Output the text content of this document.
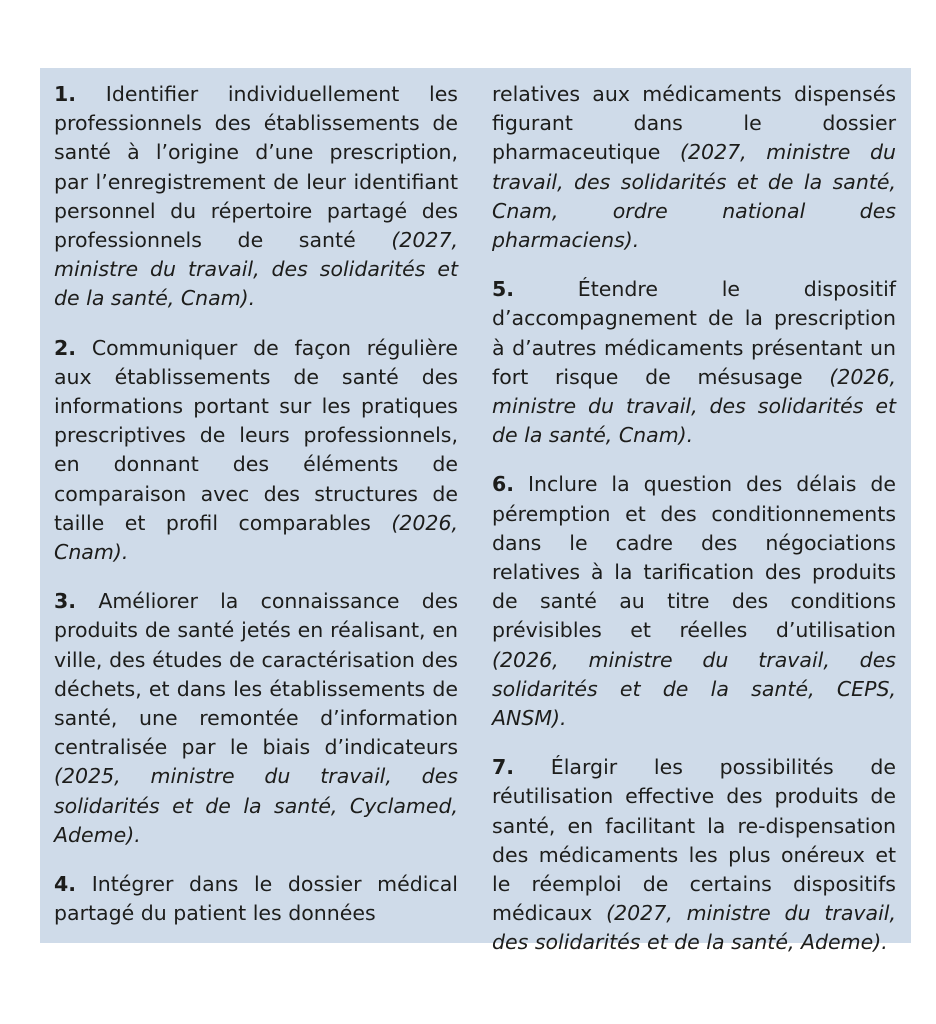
1. Identifier individuellement les professionnels des établissements de santé à l’origine d’une prescription, par l’enregistrement de leur identifiant personnel du répertoire partagé des professionnels de santé (2027, ministre du travail, des solidarités et de la santé, Cnam).

2. Communiquer de façon régulière aux établissements de santé des informations portant sur les pratiques prescriptives de leurs professionnels, en donnant des éléments de comparaison avec des structures de taille et profil comparables (2026, Cnam).

3. Améliorer la connaissance des produits de santé jetés en réalisant, en ville, des études de caractérisation des déchets, et dans les établissements de santé, une remontée d’information centralisée par le biais d’indicateurs (2025, ministre du travail, des solidarités et de la santé, Cyclamed, Ademe).

4. Intégrer dans le dossier médical partagé du patient les données

relatives aux médicaments dispensés figurant dans le dossier pharmaceutique (2027, ministre du travail, des solidarités et de la santé, Cnam, ordre national des pharmaciens).

5.	Étendre le dispositif d’accompagnement de la prescription à d’autres médicaments présentant un fort risque de mésusage (2026, ministre du travail, des solidarités et de la santé, Cnam).

6. Inclure la question des délais de péremption et des conditionnements dans le cadre des négociations relatives à la tarification des produits de santé au titre des conditions prévisibles et réelles d’utilisation (2026, ministre du travail, des solidarités et de la santé, CEPS, ANSM).

7. Élargir les possibilités de réutilisation effective des produits de santé, en facilitant la re-dispensation des médicaments les plus onéreux et le réemploi de certains dispositifs médicaux (2027, ministre du travail, des solidarités et de la santé, Ademe).
